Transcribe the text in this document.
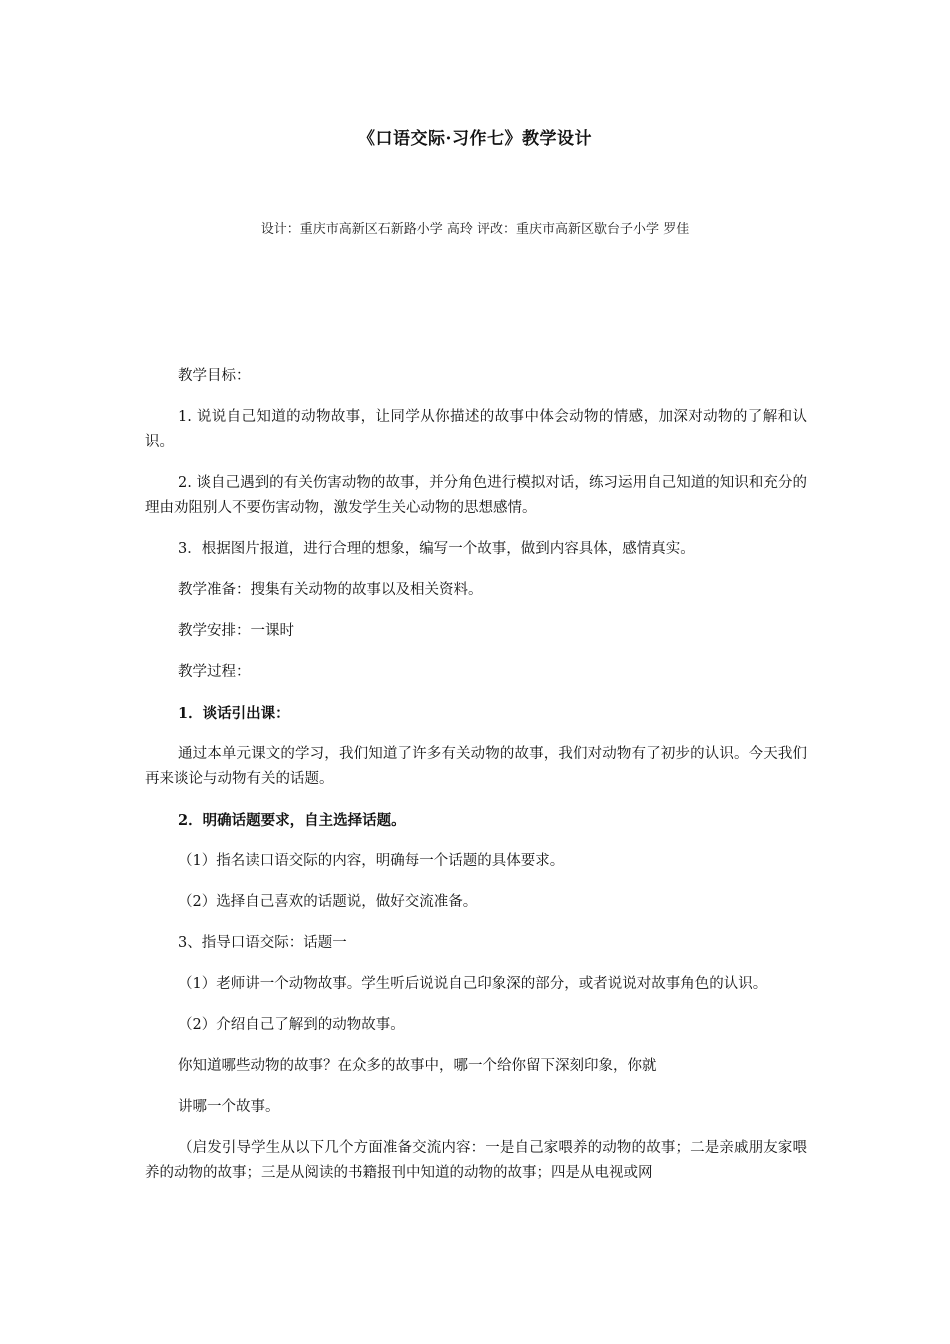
《口语交际·习作七》教学设计
设计：重庆市高新区石新路小学 高玲 评改：重庆市高新区歇台子小学 罗佳

教学目标：

1. 说说自己知道的动物故事，让同学从你描述的故事中体会动物的情感，加深对动物的了解和认识。

2. 谈自己遇到的有关伤害动物的故事，并分角色进行模拟对话，练习运用自己知道的知识和充分的理由劝阻别人不要伤害动物，激发学生关心动物的思想感情。

3．根据图片报道，进行合理的想象，编写一个故事，做到内容具体，感情真实。

教学准备：搜集有关动物的故事以及相关资料。

教学安排：一课时

教学过程：

1．谈话引出课：

通过本单元课文的学习，我们知道了许多有关动物的故事，我们对动物有了初步的认识。今天我们再来谈论与动物有关的话题。

2．明确话题要求，自主选择话题。

（1）指名读口语交际的内容，明确每一个话题的具体要求。

（2）选择自己喜欢的话题说，做好交流准备。

3、指导口语交际：话题一

（1）老师讲一个动物故事。学生听后说说自己印象深的部分，或者说说对故事角色的认识。

（2）介绍自己了解到的动物故事。

你知道哪些动物的故事？在众多的故事中，哪一个给你留下深刻印象，你就

讲哪一个故事。

（启发引导学生从以下几个方面准备交流内容：一是自己家喂养的动物的故事；二是亲戚朋友家喂养的动物的故事；三是从阅读的书籍报刊中知道的动物的故事；四是从电视或网
